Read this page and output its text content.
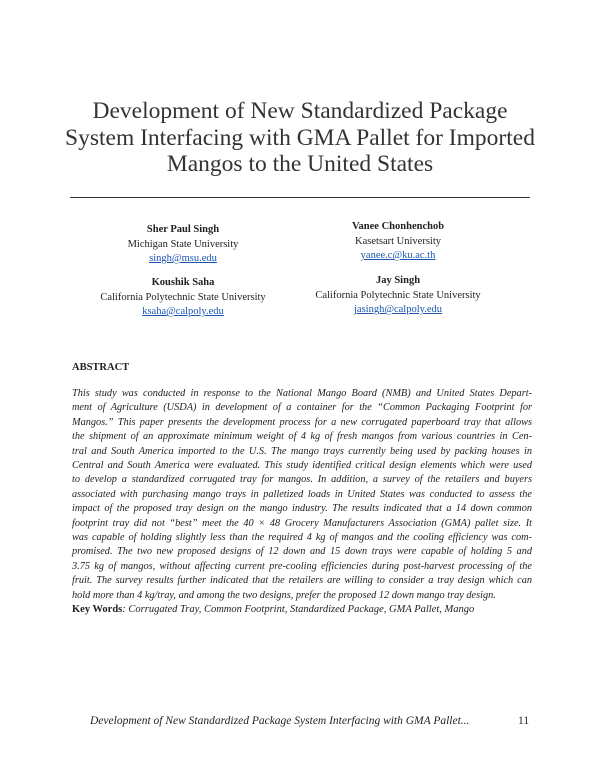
Development of New Standardized Package
System Interfacing with GMA Pallet for Imported
Mangos to the United States
Sher Paul Singh
Michigan State University
singh@msu.edu
Vanee Chonhenchob
Kasetsart University
yanee.c@ku.ac.th
Koushik Saha
California Polytechnic State University
ksaha@calpoly.edu
Jay Singh
California Polytechnic State University
jasingh@calpoly.edu
ABSTRACT
This study was conducted in response to the National Mango Board (NMB) and United States Depart-
ment of Agriculture (USDA) in development of a container for the “Common Packaging Footprint for
Mangos.” This paper presents the development process for a new corrugated paperboard tray that allows
the shipment of an approximate minimum weight of 4 kg of fresh mangos from various countries in Cen-
tral and South America imported to the U.S. The mango trays currently being used by packing houses in
Central and South America were evaluated. This study identified critical design elements which were used
to develop a standardized corrugated tray for mangos. In addition, a survey of the retailers and buyers
associated with purchasing mango trays in palletized loads in United States was conducted to assess the
impact of the proposed tray design on the mango industry. The results indicated that a 14 down common
footprint tray did not “best” meet the 40 × 48 Grocery Manufacturers Association (GMA) pallet size. It
was capable of holding slightly less than the required 4 kg of mangos and the cooling efficiency was com-
promised. The two new proposed designs of 12 down and 15 down trays were capable of holding 5 and
3.75 kg of mangos, without affecting current pre-cooling efficiencies during post-harvest processing of the
fruit. The survey results further indicated that the retailers are willing to consider a tray design which can
hold more than 4 kg/tray, and among the two designs, prefer the proposed 12 down mango tray design.
Key Words: Corrugated Tray, Common Footprint, Standardized Package, GMA Pallet, Mango
Development of New Standardized Package System Interfacing with GMA Pallet...	11
